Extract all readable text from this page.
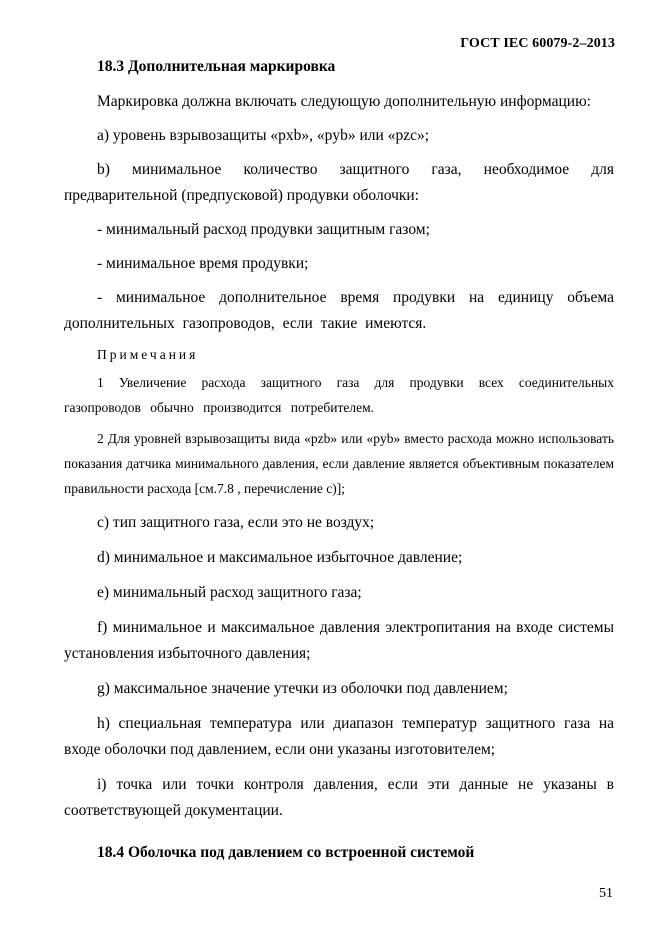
ГОСТ IEC 60079-2–2013

18.3 Дополнительная маркировка

Маркировка должна включать следующую дополнительную информацию:

a) уровень взрывозащиты «pxb», «pyb» или «pzc»;

b) минимальное количество защитного газа, необходимое для

предварительной (предпусковой) продувки оболочки:

- минимальный расход продувки защитным газом;

- минимальное время продувки;

- минимальное дополнительное время продувки на единицу объема дополнительных газопроводов, если такие имеются.

Примечания

1 Увеличение расхода защитного газа для продувки всех соединительных газопроводов обычно производится потребителем.

2 Для уровней взрывозащиты вида «pzb» или «pyb» вместо расхода можно использовать показания датчика минимального давления, если давление является объективным показателем правильности расхода [см.7.8 , перечисление c)];

c) тип защитного газа, если это не воздух;

d) минимальное и максимальное избыточное давление;

e) минимальный расход защитного газа;

f) минимальное и максимальное давления электропитания на входе системы установления избыточного давления;

g) максимальное значение утечки из оболочки под давлением;

h) специальная температура или диапазон температур защитного газа на входе оболочки под давлением, если они указаны изготовителем;

i) точка или точки контроля давления, если эти данные не указаны в соответствующей документации.

18.4 Оболочка под давлением со встроенной системой

51
